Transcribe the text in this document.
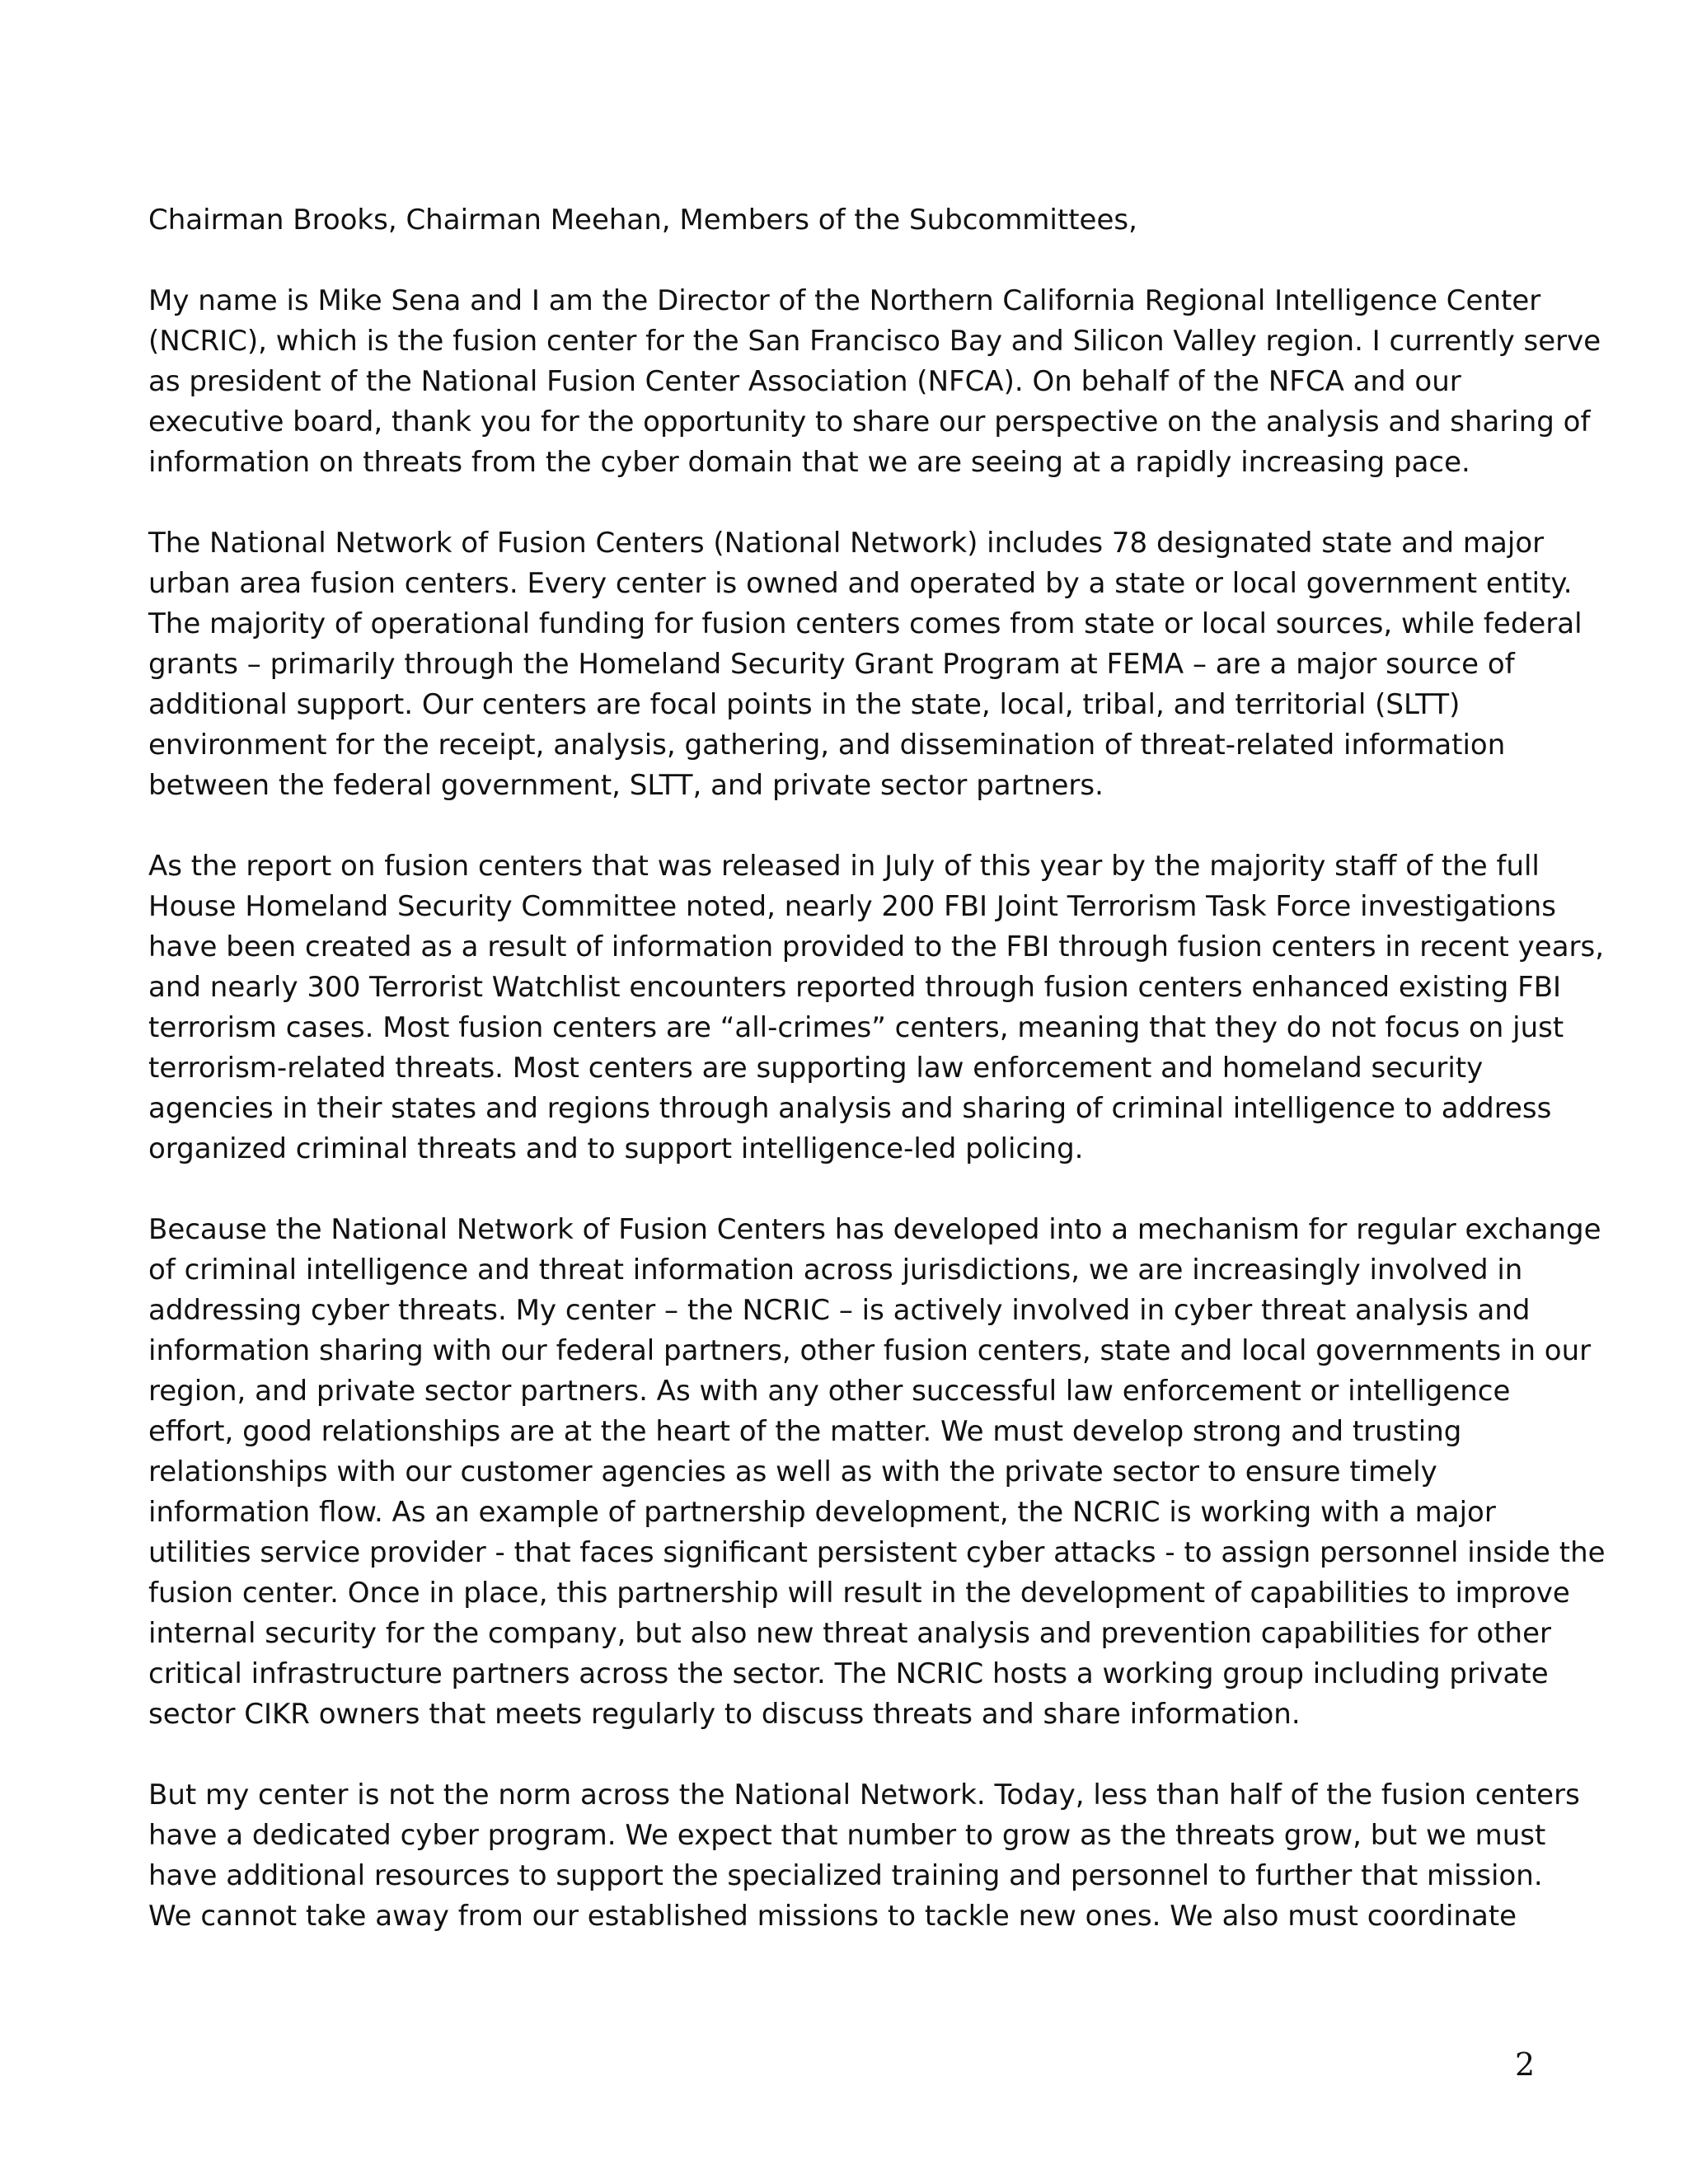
Chairman Brooks, Chairman Meehan, Members of the Subcommittees,
My name is Mike Sena and I am the Director of the Northern California Regional Intelligence Center
(NCRIC), which is the fusion center for the San Francisco Bay and Silicon Valley region. I currently serve
as president of the National Fusion Center Association (NFCA). On behalf of the NFCA and our
executive board, thank you for the opportunity to share our perspective on the analysis and sharing of
information on threats from the cyber domain that we are seeing at a rapidly increasing pace.
The National Network of Fusion Centers (National Network) includes 78 designated state and major
urban area fusion centers. Every center is owned and operated by a state or local government entity.
The majority of operational funding for fusion centers comes from state or local sources, while federal
grants – primarily through the Homeland Security Grant Program at FEMA – are a major source of
additional support. Our centers are focal points in the state, local, tribal, and territorial (SLTT)
environment for the receipt, analysis, gathering, and dissemination of threat-related information
between the federal government, SLTT, and private sector partners.
As the report on fusion centers that was released in July of this year by the majority staff of the full
House Homeland Security Committee noted, nearly 200 FBI Joint Terrorism Task Force investigations
have been created as a result of information provided to the FBI through fusion centers in recent years,
and nearly 300 Terrorist Watchlist encounters reported through fusion centers enhanced existing FBI
terrorism cases. Most fusion centers are “all-crimes” centers, meaning that they do not focus on just
terrorism-related threats. Most centers are supporting law enforcement and homeland security
agencies in their states and regions through analysis and sharing of criminal intelligence to address
organized criminal threats and to support intelligence-led policing.
Because the National Network of Fusion Centers has developed into a mechanism for regular exchange
of criminal intelligence and threat information across jurisdictions, we are increasingly involved in
addressing cyber threats. My center – the NCRIC – is actively involved in cyber threat analysis and
information sharing with our federal partners, other fusion centers, state and local governments in our
region, and private sector partners. As with any other successful law enforcement or intelligence
effort, good relationships are at the heart of the matter. We must develop strong and trusting
relationships with our customer agencies as well as with the private sector to ensure timely
information flow. As an example of partnership development, the NCRIC is working with a major
utilities service provider - that faces significant persistent cyber attacks - to assign personnel inside the
fusion center. Once in place, this partnership will result in the development of capabilities to improve
internal security for the company, but also new threat analysis and prevention capabilities for other
critical infrastructure partners across the sector. The NCRIC hosts a working group including private
sector CIKR owners that meets regularly to discuss threats and share information.
But my center is not the norm across the National Network. Today, less than half of the fusion centers
have a dedicated cyber program. We expect that number to grow as the threats grow, but we must
have additional resources to support the specialized training and personnel to further that mission.
We cannot take away from our established missions to tackle new ones. We also must coordinate
2
